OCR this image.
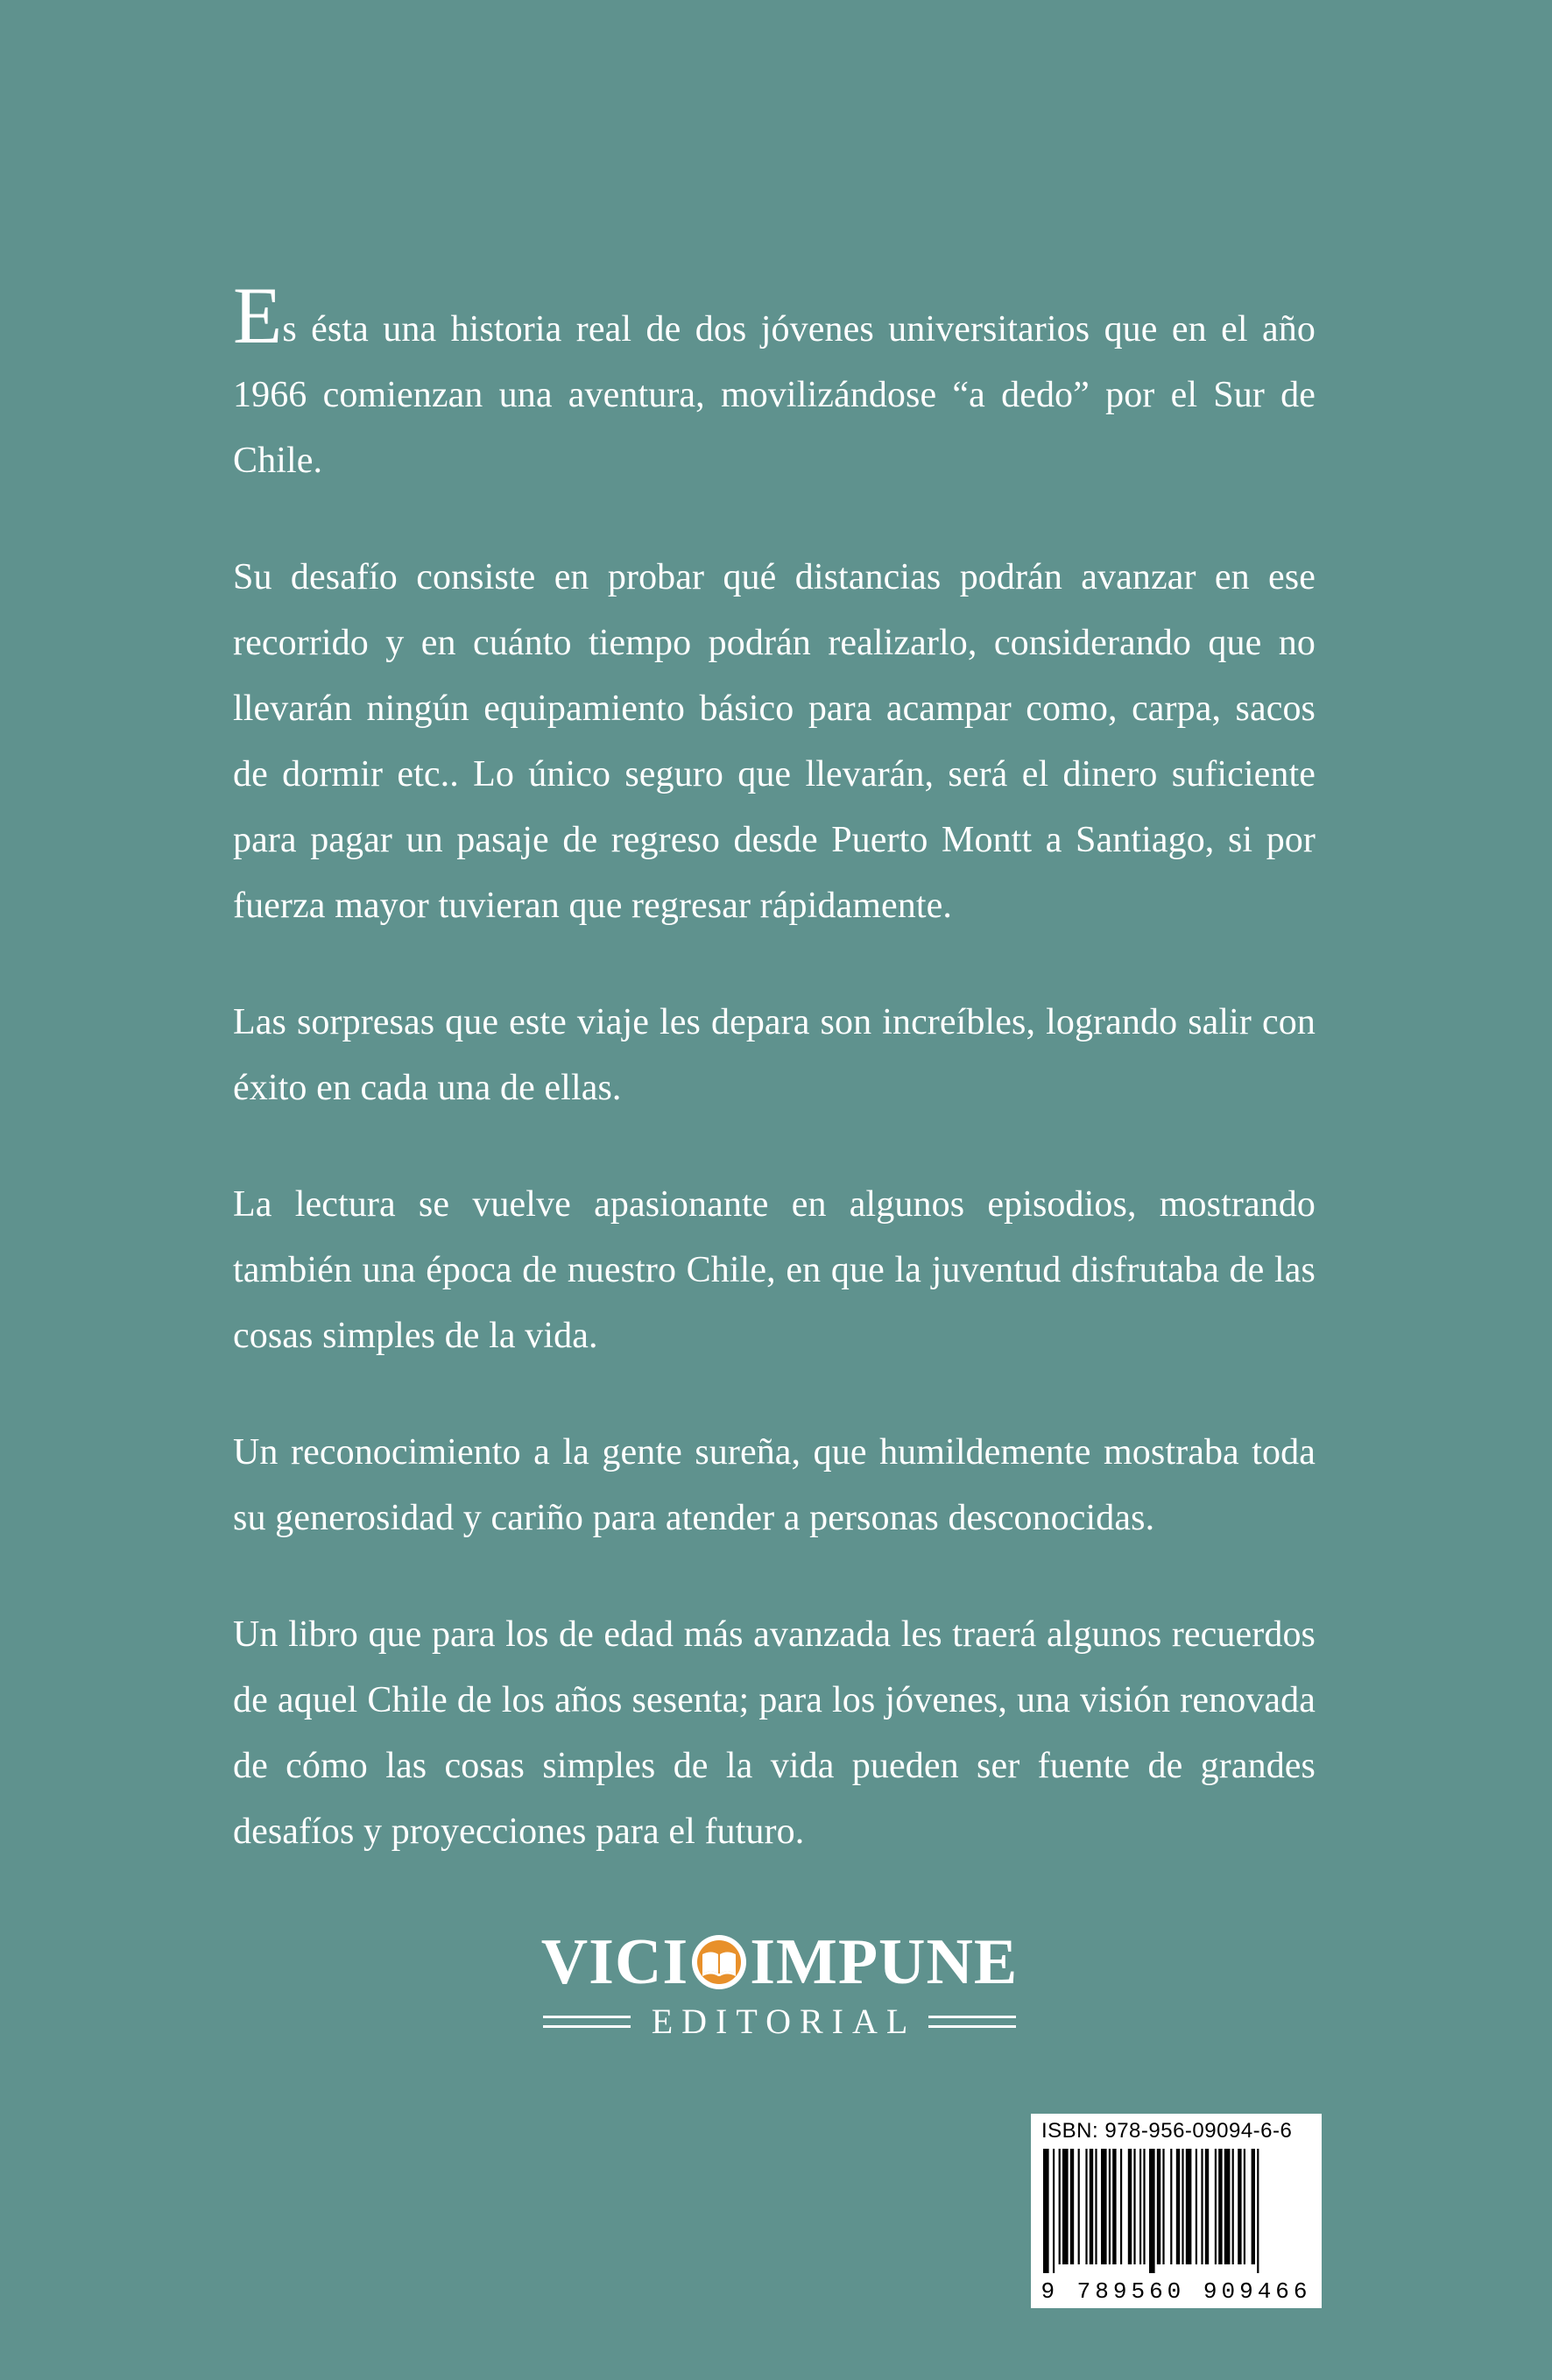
Es ésta una historia real de dos jóvenes universitarios que en el año 1966 comienzan una aventura, movilizándose “a dedo” por el Sur de Chile.

Su desafío consiste en probar qué distancias podrán avanzar en ese recorrido y en cuánto tiempo podrán realizarlo, considerando que no llevarán ningún equipamiento básico para acampar como, carpa, sacos de dormir etc.. Lo único seguro que llevarán, será el dinero suficiente para pagar un pasaje de regreso desde Puerto Montt a Santiago, si por fuerza mayor tuvieran que regresar rápidamente.

Las sorpresas que este viaje les depara son increíbles, logrando salir con éxito en cada una de ellas.

La lectura se vuelve apasionante en algunos episodios, mostrando también una época de nuestro Chile, en que la juventud disfrutaba de las cosas simples de la vida.

Un reconocimiento a la gente sureña, que humildemente mostraba toda su generosidad y cariño para atender a personas desconocidas.

Un libro que para los de edad más avanzada les traerá algunos recuerdos de aquel Chile de los años sesenta; para los jóvenes, una visión renovada de cómo las cosas simples de la vida pueden ser fuente de grandes desafíos y proyecciones para el futuro.

VICI IMPUNE
EDITORIAL
ISBN: 978-956-09094-6-6
9 789560 909466
